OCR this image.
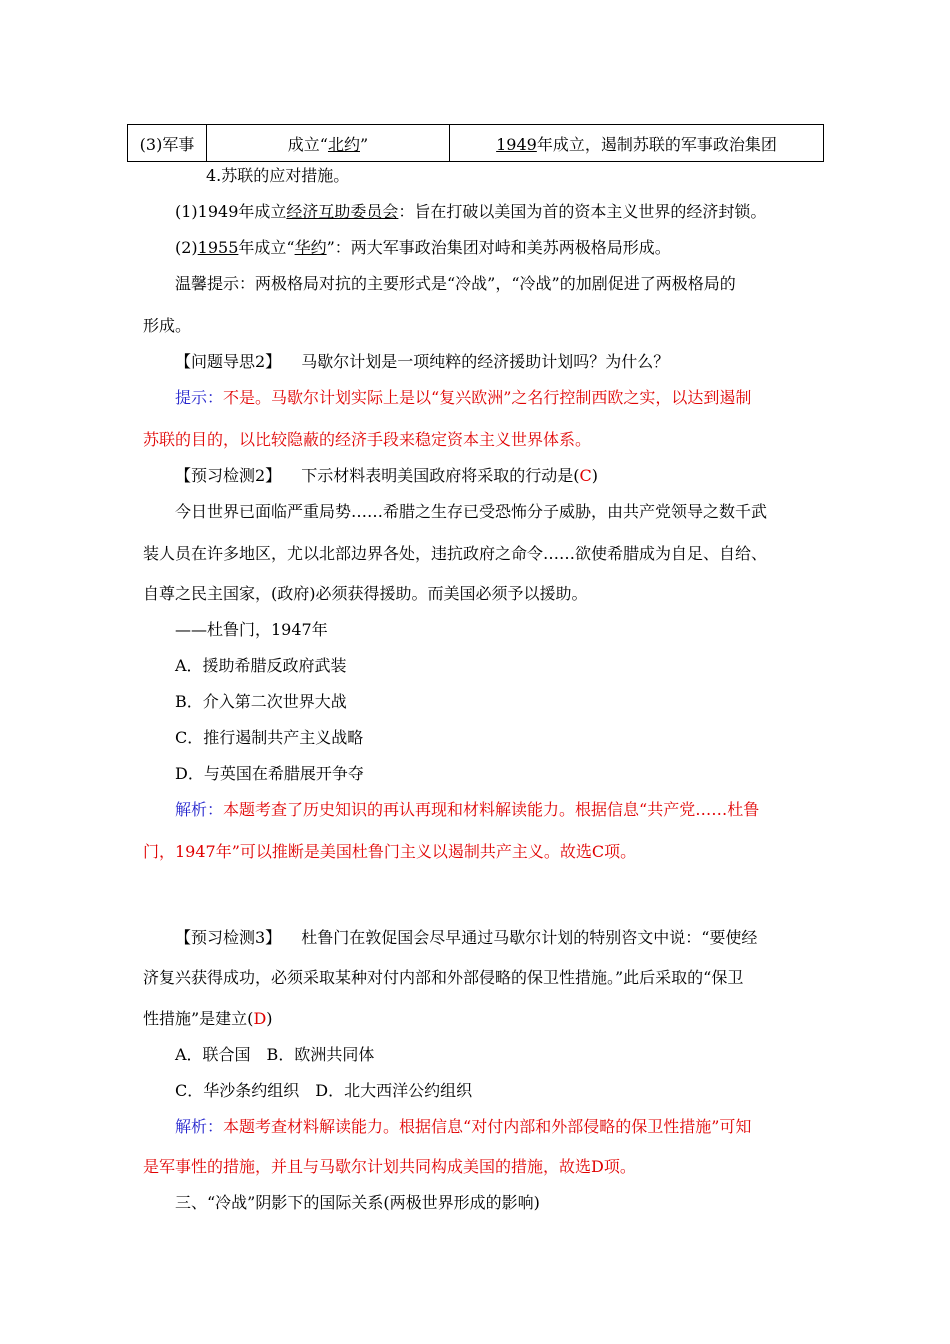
(3)军事	成立“北约”	1949年成立，遏制苏联的军事政治集团
4.苏联的应对措施。
(1)1949年成立经济互助委员会：旨在打破以美国为首的资本主义世界的经济封锁。
(2)1955年成立“华约”：两大军事政治集团对峙和美苏两极格局形成。
温馨提示：两极格局对抗的主要形式是“冷战”，“冷战”的加剧促进了两极格局的
形成。
【问题导思2】 马歇尔计划是一项纯粹的经济援助计划吗？为什么？
提示：不是。马歇尔计划实际上是以“复兴欧洲”之名行控制西欧之实，以达到遏制
苏联的目的，以比较隐蔽的经济手段来稳定资本主义世界体系。
【预习检测2】 下示材料表明美国政府将采取的行动是(C)
今日世界已面临严重局势……希腊之生存已受恐怖分子威胁，由共产党领导之数千武
装人员在许多地区，尤以北部边界各处，违抗政府之命令……欲使希腊成为自足、自给、
自尊之民主国家，(政府)必须获得援助。而美国必须予以援助。
——杜鲁门，1947年
A．援助希腊反政府武装
B．介入第二次世界大战
C．推行遏制共产主义战略
D．与英国在希腊展开争夺
解析：本题考查了历史知识的再认再现和材料解读能力。根据信息“共产党……杜鲁
门，1947年”可以推断是美国杜鲁门主义以遏制共产主义。故选C项。
【预习检测3】 杜鲁门在敦促国会尽早通过马歇尔计划的特别咨文中说：“要使经
济复兴获得成功，必须采取某种对付内部和外部侵略的保卫性措施。”此后采取的“保卫
性措施”是建立(D)
A．联合国　B．欧洲共同体
C．华沙条约组织　D．北大西洋公约组织
解析：本题考查材料解读能力。根据信息“对付内部和外部侵略的保卫性措施”可知
是军事性的措施，并且与马歇尔计划共同构成美国的措施，故选D项。
三、“冷战”阴影下的国际关系(两极世界形成的影响)
